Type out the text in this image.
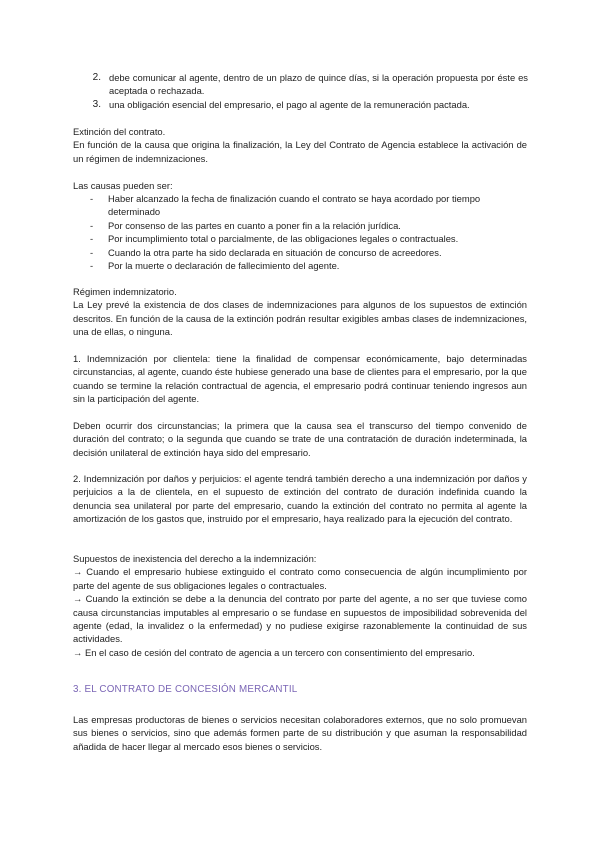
2. debe comunicar al agente, dentro de un plazo de quince días, si la operación propuesta por éste es aceptada o rechazada.
3. una obligación esencial del empresario, el pago al agente de la remuneración pactada.

Extinción del contrato.

En función de la causa que origina la finalización, la Ley del Contrato de Agencia establece la activación de un régimen de indemnizaciones.

Las causas pueden ser:

-	Haber alcanzado la fecha de finalización cuando el contrato se haya acordado por tiempo determinado
-	Por consenso de las partes en cuanto a poner fin a la relación jurídica.
-	Por incumplimiento total o parcialmente, de las obligaciones legales o contractuales.
-	Cuando la otra parte ha sido declarada en situación de concurso de acreedores.
-	Por la muerte o declaración de fallecimiento del agente.

Régimen indemnizatorio.

La Ley prevé la existencia de dos clases de indemnizaciones para algunos de los supuestos de extinción descritos. En función de la causa de la extinción podrán resultar exigibles ambas clases de indemnizaciones, una de ellas, o ninguna.

1. Indemnización por clientela: tiene la finalidad de compensar económicamente, bajo determinadas circunstancias, al agente, cuando éste hubiese generado una base de clientes para el empresario, por la que cuando se termine la relación contractual de agencia, el empresario podrá continuar teniendo ingresos aun sin la participación del agente.

Deben ocurrir dos circunstancias; la primera que la causa sea el transcurso del tiempo convenido de duración del contrato; o la segunda que cuando se trate de una contratación de duración indeterminada, la decisión unilateral de extinción haya sido del empresario.

2. Indemnización por daños y perjuicios: el agente tendrá también derecho a una indemnización por daños y perjuicios a la de clientela, en el supuesto de extinción del contrato de duración indefinida cuando la denuncia sea unilateral por parte del empresario, cuando la extinción del contrato no permita al agente la amortización de los gastos que, instruido por el empresario, haya realizado para la ejecución del contrato.

Supuestos de inexistencia del derecho a la indemnización:

→ Cuando el empresario hubiese extinguido el contrato como consecuencia de algún incumplimiento por parte del agente de sus obligaciones legales o contractuales.
→ Cuando la extinción se debe a la denuncia del contrato por parte del agente, a no ser que tuviese como causa circunstancias imputables al empresario o se fundase en supuestos de imposibilidad sobrevenida del agente (edad, la invalidez o la enfermedad) y no pudiese exigirse razonablemente la continuidad de sus actividades.
→ En el caso de cesión del contrato de agencia a un tercero con consentimiento del empresario.

3. EL CONTRATO DE CONCESIÓN MERCANTIL

Las empresas productoras de bienes o servicios necesitan colaboradores externos, que no solo promuevan sus bienes o servicios, sino que además formen parte de su distribución y que asuman la responsabilidad añadida de hacer llegar al mercado esos bienes o servicios.
